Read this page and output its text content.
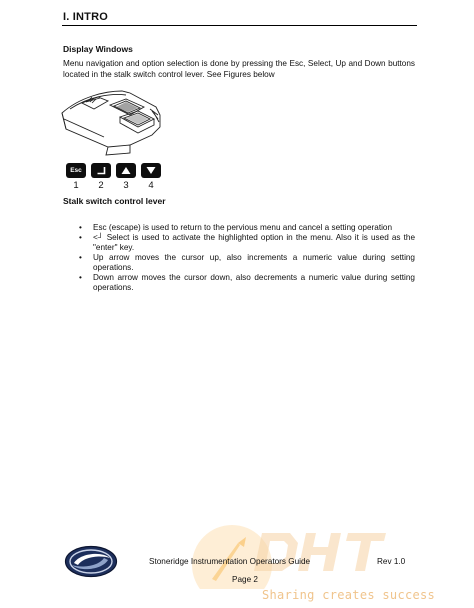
I. INTRO
Display Windows
Menu navigation and option selection is done by pressing the Esc, Select, Up and Down buttons located in the stalk switch control lever. See Figures below
Esc
1	2	3	4
Stalk switch control lever
• Esc (escape) is used to return to the pervious menu and cancel a setting operation
• <┘ Select is used to activate the highlighted option in the menu. Also it is used as the "enter" key.
• Up arrow moves the cursor up, also increments a numeric value during setting operations.
• Down arrow moves the cursor down, also decrements a numeric value during setting operations.
Stoneridge Instrumentation Operators Guide	Rev 1.0
Page 2
Sharing creates success
